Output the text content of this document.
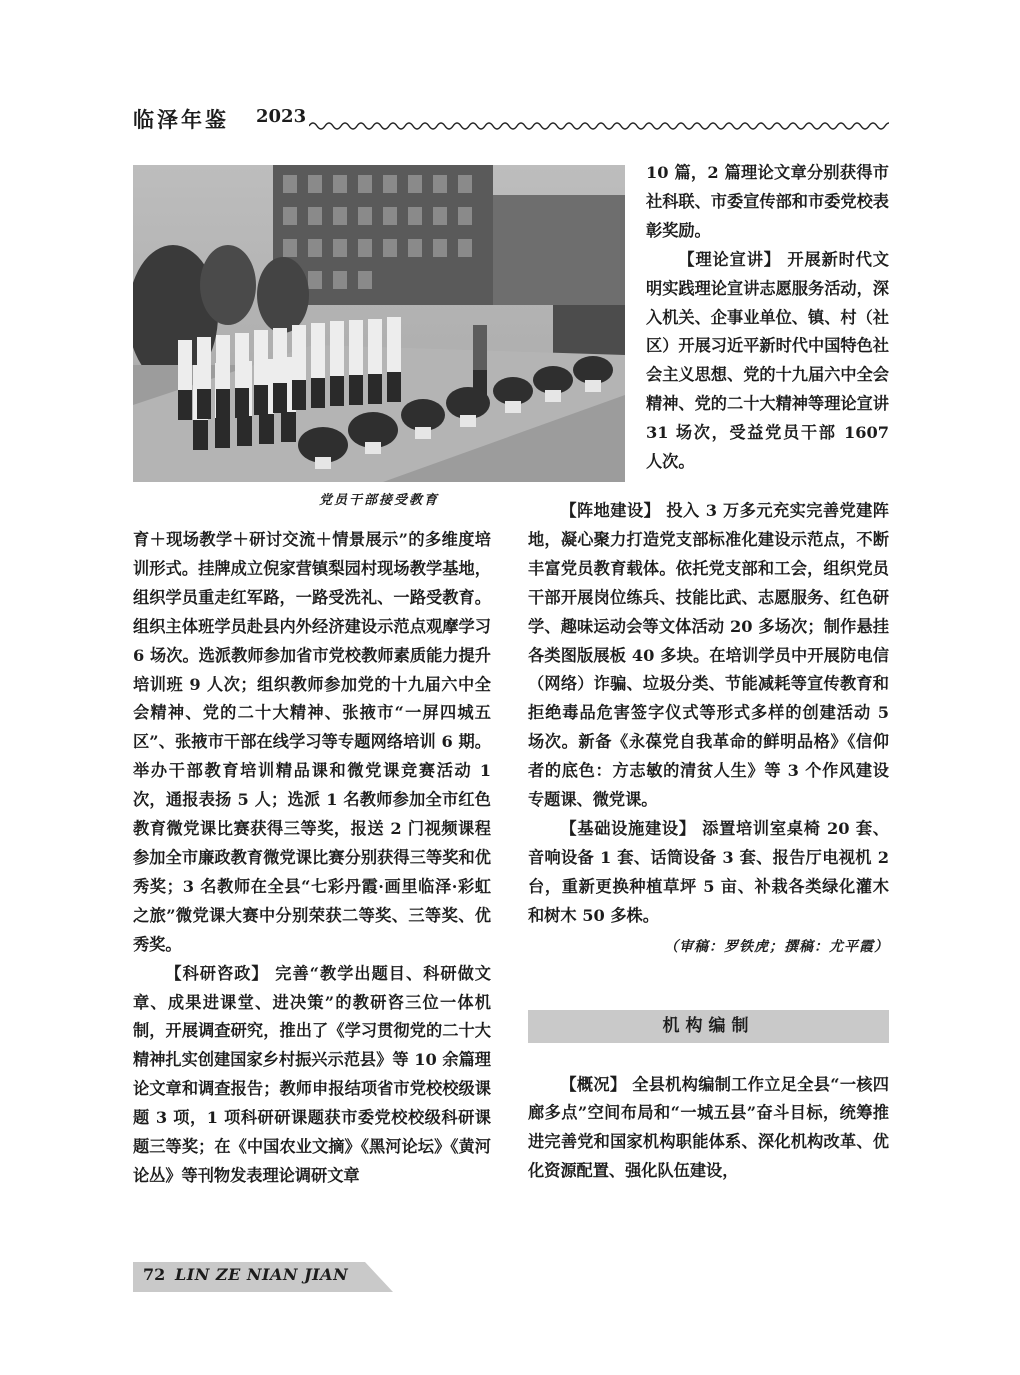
临泽年鉴 2023
党员干部接受教育

10 篇，2 篇理论文章分别获得市社科联、市委宣传部和市委党校表彰奖励。

【理论宣讲】 开展新时代文明实践理论宣讲志愿服务活动，深入机关、企事业单位、镇、村（社区）开展习近平新时代中国特色社会主义思想、党的十九届六中全会精神、党的二十大精神等理论宣讲 31 场次，受益党员干部 1607 人次。

育＋现场教学＋研讨交流＋情景展示”的多维度培训形式。挂牌成立倪家营镇梨园村现场教学基地，组织学员重走红军路，一路受洗礼、一路受教育。组织主体班学员赴县内外经济建设示范点观摩学习 6 场次。选派教师参加省市党校教师素质能力提升培训班 9 人次；组织教师参加党的十九届六中全会精神、党的二十大精神、张掖市“一屏四城五区”、张掖市干部在线学习等专题网络培训 6 期。举办干部教育培训精品课和微党课竞赛活动 1 次，通报表扬 5 人；选派 1 名教师参加全市红色教育微党课比赛获得三等奖，报送 2 门视频课程参加全市廉政教育微党课比赛分别获得三等奖和优秀奖；3 名教师在全县“七彩丹霞·画里临泽·彩虹之旅”微党课大赛中分别荣获二等奖、三等奖、优秀奖。

【科研咨政】 完善“教学出题目、科研做文章、成果进课堂、进决策”的教研咨三位一体机制，开展调查研究，推出了《学习贯彻党的二十大精神扎实创建国家乡村振兴示范县》等 10 余篇理论文章和调查报告；教师申报结项省市党校校级课题 3 项，1 项科研研课题获市委党校校级科研课题三等奖；在《中国农业文摘》《黑河论坛》《黄河论丛》等刊物发表理论调研文章

【阵地建设】 投入 3 万多元充实完善党建阵地，凝心聚力打造党支部标准化建设示范点，不断丰富党员教育载体。依托党支部和工会，组织党员干部开展岗位练兵、技能比武、志愿服务、红色研学、趣味运动会等文体活动 20 多场次；制作悬挂各类图版展板 40 多块。在培训学员中开展防电信（网络）诈骗、垃圾分类、节能减耗等宣传教育和拒绝毒品危害签字仪式等形式多样的创建活动 5 场次。新备《永葆党自我革命的鲜明品格》《信仰者的底色：方志敏的清贫人生》等 3 个作风建设专题课、微党课。

【基础设施建设】 添置培训室桌椅 20 套、音响设备 1 套、话筒设备 3 套、报告厅电视机 2 台，重新更换种植草坪 5 亩、补栽各类绿化灌木和树木 50 多株。

（审稿：罗铁虎；撰稿：尤平霞）
机构编制

【概况】 全县机构编制工作立足全县“一核四廊多点”空间布局和“一城五县”奋斗目标，统筹推进完善党和国家机构职能体系、深化机构改革、优化资源配置、强化队伍建设，

72 LIN ZE NIAN JIAN
